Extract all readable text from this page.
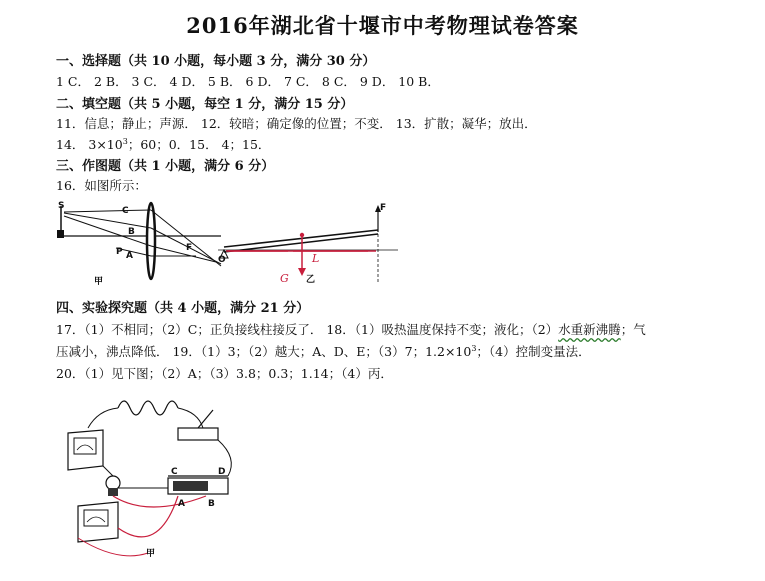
2016年湖北省十堰市中考物理试卷答案
一、选择题（共 10 小题，每小题 3 分，满分 30 分）
1 C． 2 B． 3 C． 4 D． 5 B． 6 D． 7 C． 8 C． 9 D． 10 B．
二、填空题（共 5 小题，每空 1 分，满分 15 分）
11．信息；静止；声源． 12．较暗；确定像的位置；不变． 13．扩散；凝华；放出．
14． $3\times 10^3$；60；0．15． 4；15．
三、作图题（共 1 小题，满分 6 分）
16．如图所示：
S	C
B
P A
F
甲
F
O	L
G 乙
四、实验探究题（共 4 小题，满分 21 分）
17．（1）不相同；（2）C；正负接线柱接反了． 18．（1）吸热温度保持不变；液化；（2）水重新沸腾；气
压减小，沸点降低． 19．（1）3；（2）越大；A、D、E；（3）7；$1.2\times 10^3$；（4）控制变量法．
20．（1）见下图；（2）A；（3）3.8；0.3；1.14；（4）丙．
C	D
A	B
甲
